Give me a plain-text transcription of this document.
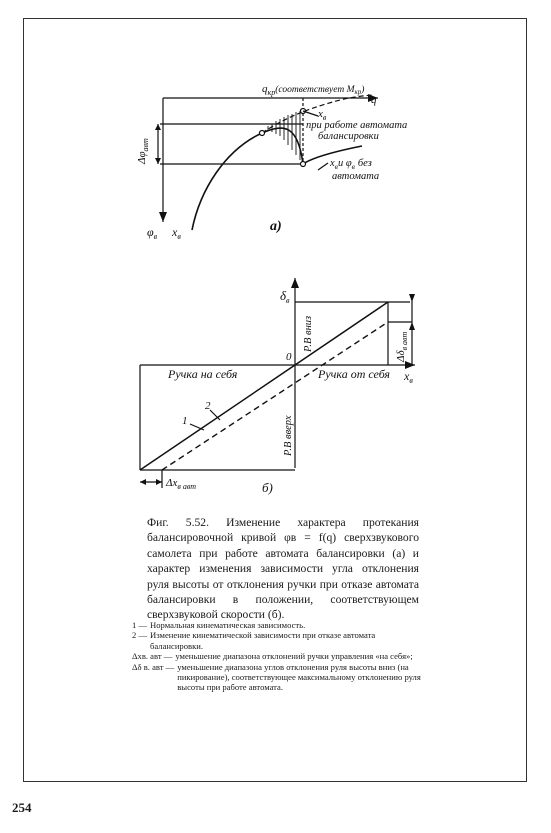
$q_{кр}(соответствует$ Mкр)
q
$x_в$
при работе автомата
балансировки
$x_ви$ $\varphi_в$ без
автомата
$\Delta\varphi_{авт}$
$\varphi_в$ $x_в$
а)
$\delta_в$
Р.В вниз
0
Р.В вверх
Ручка на себя	Ручка от себя $x_в$
$\Delta\delta_{в авт}$
$\Delta x_{в авт}$
1
2
б)
Фиг. 5.52. Изменение характера протекания балансировочной кривой φв = f(q) сверхзвукового самолета при работе автомата балансировки (а) и характер изменения зависимости угла отклонения руля высоты от отклонения ручки при отказе автомата балансировки в положении, соответствующем сверхзвуковой скорости (б).
1 — Нормальная кинематическая зависимость.
2 — Изменение кинематической зависимости при отказе автомата балансировки.
Δxв. авт — уменьшение диапазона отклонений ручки управления «на себя»;
Δδ в. авт — уменьшение диапазона углов отклонения руля высоты вниз (на пикирование), соответствующее максимальному отклонению руля высоты при работе автомата.
254
